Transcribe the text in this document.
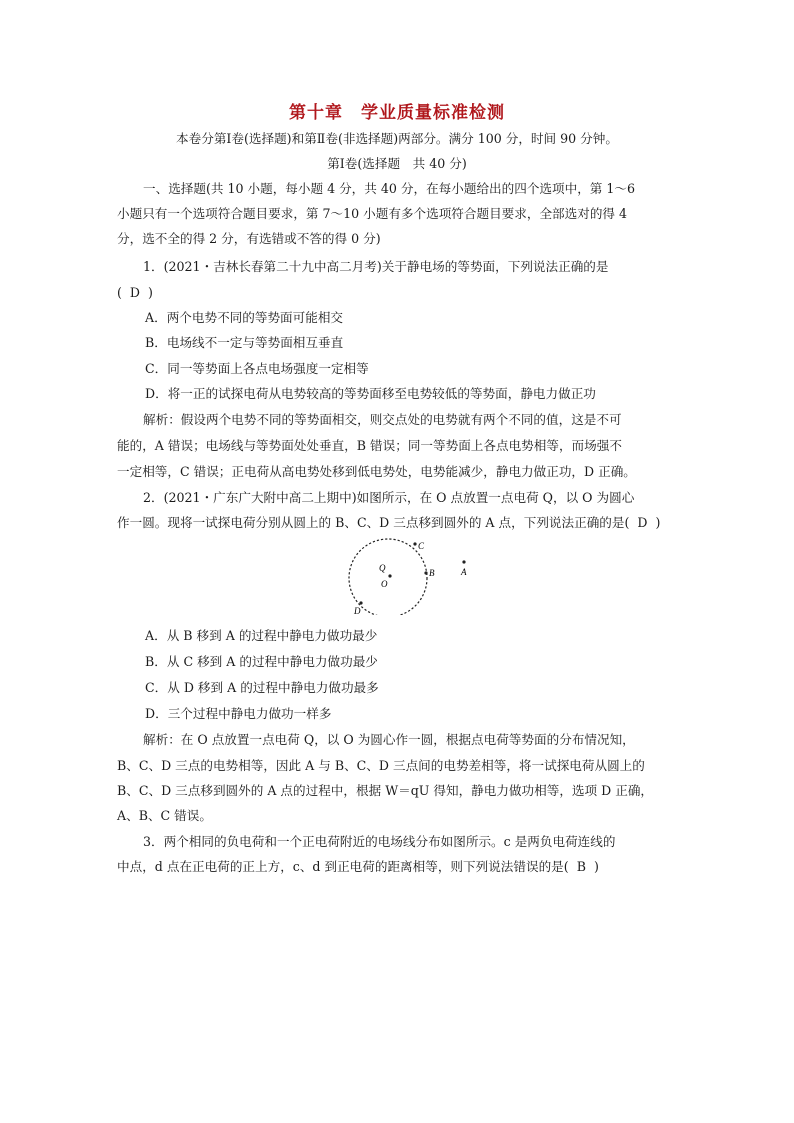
第十章　学业质量标准检测
本卷分第Ⅰ卷(选择题)和第Ⅱ卷(非选择题)两部分。满分 100 分，时间 90 分钟。
第Ⅰ卷(选择题　共 40 分)
一、选择题(共 10 小题，每小题 4 分，共 40 分，在每小题给出的四个选项中，第 1～6
小题只有一个选项符合题目要求，第 7～10 小题有多个选项符合题目要求，全部选对的得 4
分，选不全的得 2 分，有选错或不答的得 0 分)
1．(2021・吉林长春第二十九中高二月考)关于静电场的等势面，下列说法正确的是
( D )
A．两个电势不同的等势面可能相交
B．电场线不一定与等势面相互垂直
C．同一等势面上各点电场强度一定相等
D．将一正的试探电荷从电势较高的等势面移至电势较低的等势面，静电力做正功
解析：假设两个电势不同的等势面相交，则交点处的电势就有两个不同的值，这是不可
能的，A 错误；电场线与等势面处处垂直，B 错误；同一等势面上各点电势相等，而场强不
一定相等，C 错误；正电荷从高电势处移到低电势处，电势能减少，静电力做正功，D 正确。
2．(2021・广东广大附中高二上期中)如图所示，在 O 点放置一点电荷 Q，以 O 为圆心
作一圆。现将一试探电荷分别从圆上的 B、C、D 三点移到圆外的 A 点，下列说法正确的是( D )
C
Q	B	A
O
D
A．从 B 移到 A 的过程中静电力做功最少
B．从 C 移到 A 的过程中静电力做功最少
C．从 D 移到 A 的过程中静电力做功最多
D．三个过程中静电力做功一样多
解析：在 O 点放置一点电荷 Q，以 O 为圆心作一圆，根据点电荷等势面的分布情况知，
B、C、D 三点的电势相等，因此 A 与 B、C、D 三点间的电势差相等，将一试探电荷从圆上的
B、C、D 三点移到圆外的 A 点的过程中，根据 W＝qU 得知，静电力做功相等，选项 D 正确，
A、B、C 错误。
3．两个相同的负电荷和一个正电荷附近的电场线分布如图所示。c 是两负电荷连线的
中点，d 点在正电荷的正上方，c、d 到正电荷的距离相等，则下列说法错误的是( B )
